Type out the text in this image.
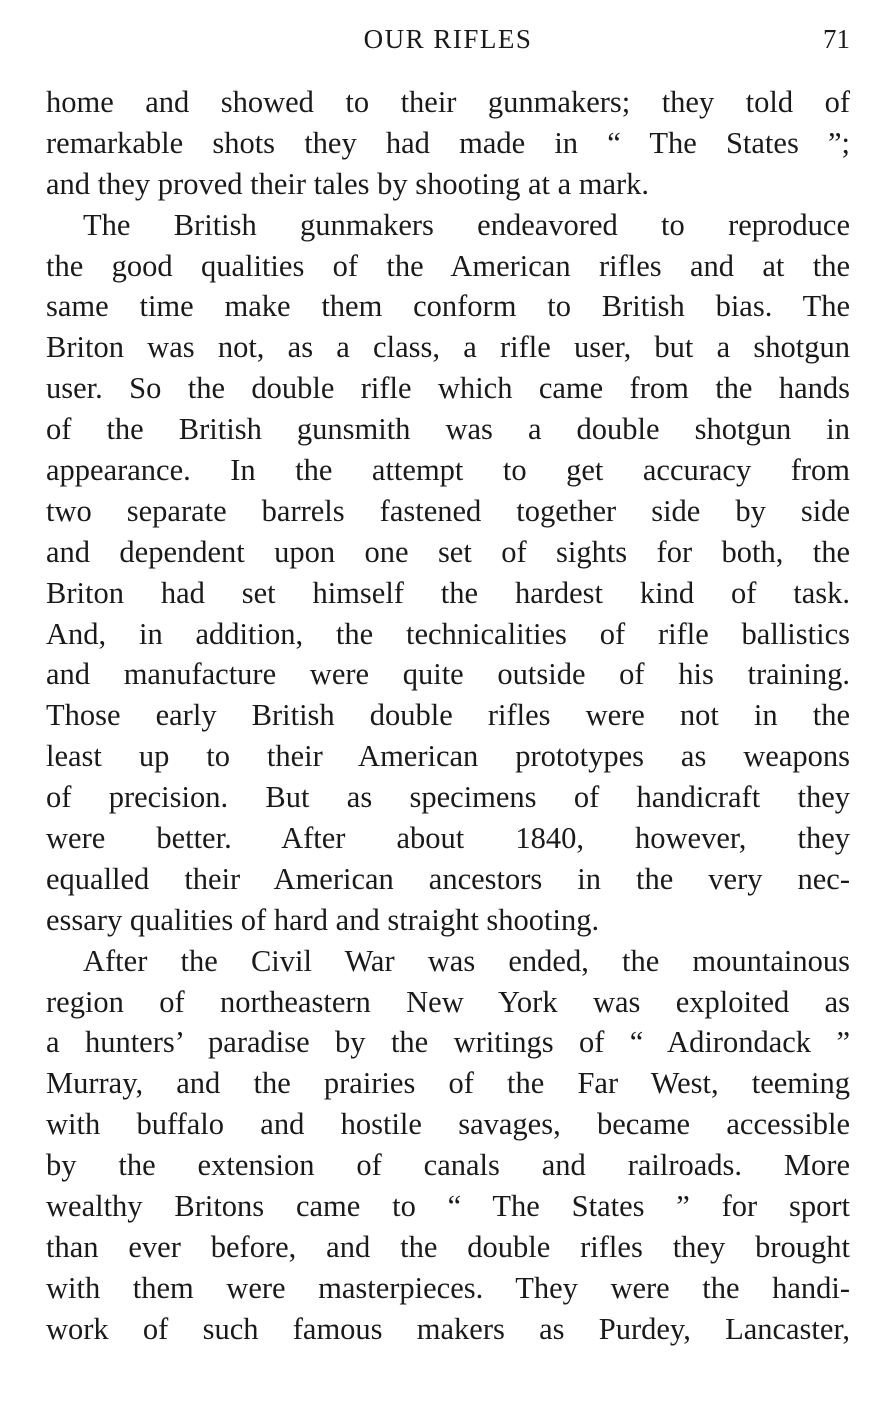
OUR RIFLES	71
home and showed to their gunmakers; they told of
remarkable shots they had made in “ The States ”;
and they proved their tales by shooting at a mark.
The British gunmakers endeavored to reproduce
the good qualities of the American rifles and at the
same time make them conform to British bias. The
Briton was not, as a class, a rifle user, but a shotgun
user. So the double rifle which came from the hands
of the British gunsmith was a double shotgun in
appearance. In the attempt to get accuracy from
two separate barrels fastened together side by side
and dependent upon one set of sights for both, the
Briton had set himself the hardest kind of task.
And, in addition, the technicalities of rifle ballistics
and manufacture were quite outside of his training.
Those early British double rifles were not in the
least up to their American prototypes as weapons
of precision. But as specimens of handicraft they
were better. After about 1840, however, they
equalled their American ancestors in the very nec-
essary qualities of hard and straight shooting.
After the Civil War was ended, the mountainous
region of northeastern New York was exploited as
a hunters’ paradise by the writings of “ Adirondack ”
Murray, and the prairies of the Far West, teeming
with buffalo and hostile savages, became accessible
by the extension of canals and railroads. More
wealthy Britons came to “ The States ” for sport
than ever before, and the double rifles they brought
with them were masterpieces. They were the handi-
work of such famous makers as Purdey, Lancaster,
